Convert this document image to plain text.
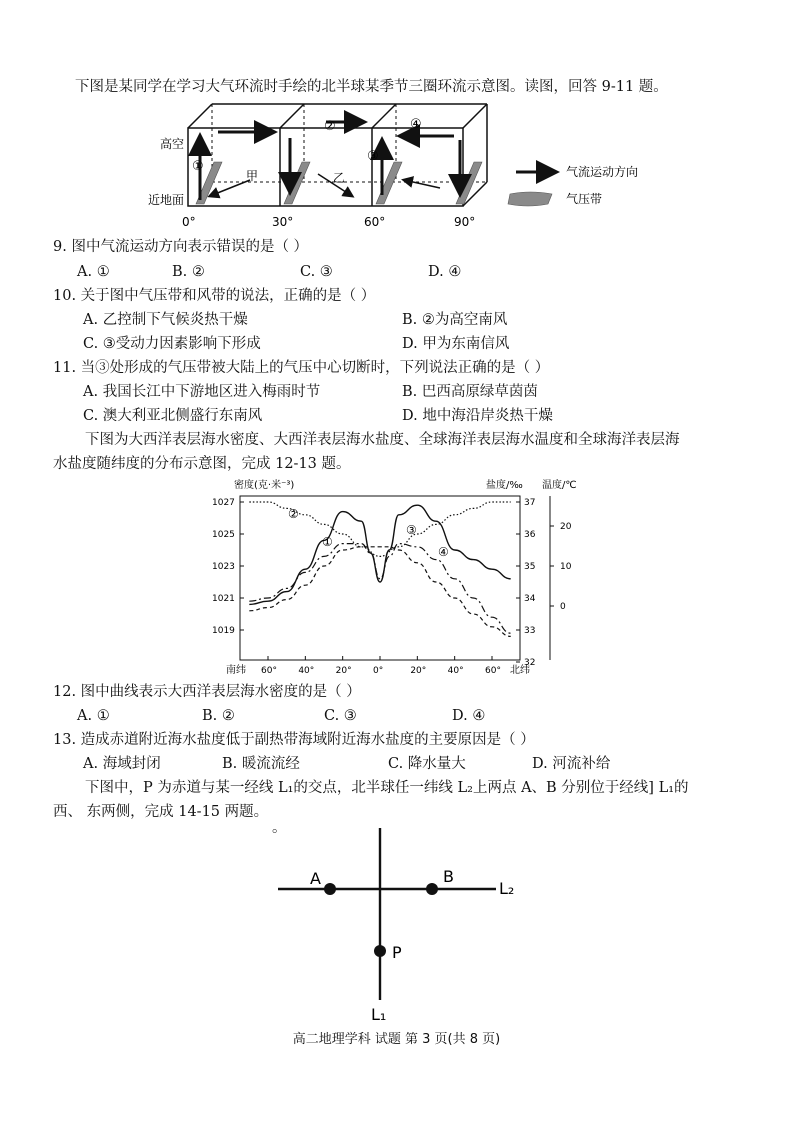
下图是某同学在学习大气环流时手绘的北半球某季节三圈环流示意图。读图，回答 9-11 题。
高空
近地面
①
②
③
④
甲	乙
0°	30°	60°	90°
气流运动方向
气压带
9. 图中气流运动方向表示错误的是（ ）
A. ①	B. ②	C. ③	D. ④
10. 关于图中气压带和风带的说法，正确的是（ ）
A. 乙控制下气候炎热干燥	B. ②为高空南风
C. ③受动力因素影响下形成	D. 甲为东南信风
11. 当③处形成的气压带被大陆上的气压中心切断时，下列说法正确的是（ ）
A. 我国长江中下游地区进入梅雨时节	B. 巴西高原绿草茵茵
C. 澳大利亚北侧盛行东南风	D. 地中海沿岸炎热干燥
下图为大西洋表层海水密度、大西洋表层海水盐度、全球海洋表层海水温度和全球海洋表层海
水盐度随纬度的分布示意图，完成 12-13 题。
密度(克·米⁻³)	盐度/‰ 温度/℃
南纬	北纬
1027
1025
1023
1021
1019
37
36
35
34
33
32
20
10
0
60° 40° 20° 0°	20° 40° 60°
①
②
③
④
12. 图中曲线表示大西洋表层海水密度的是（ ）
A. ①	B. ②	C. ③	D. ④
13. 造成赤道附近海水盐度低于副热带海域附近海水盐度的主要原因是（ ）
A. 海域封闭	B. 暖流流经	C. 降水量大	D. 河流补给
下图中，P 为赤道与某一经线 L₁的交点，北半球任一纬线 L₂上两点 A、B 分别位于经线] L₁的
西、 东两侧，完成 14-15 两题。
。
A	B
P
L₂
L₁
高二地理学科 试题 第 3 页(共 8 页)
